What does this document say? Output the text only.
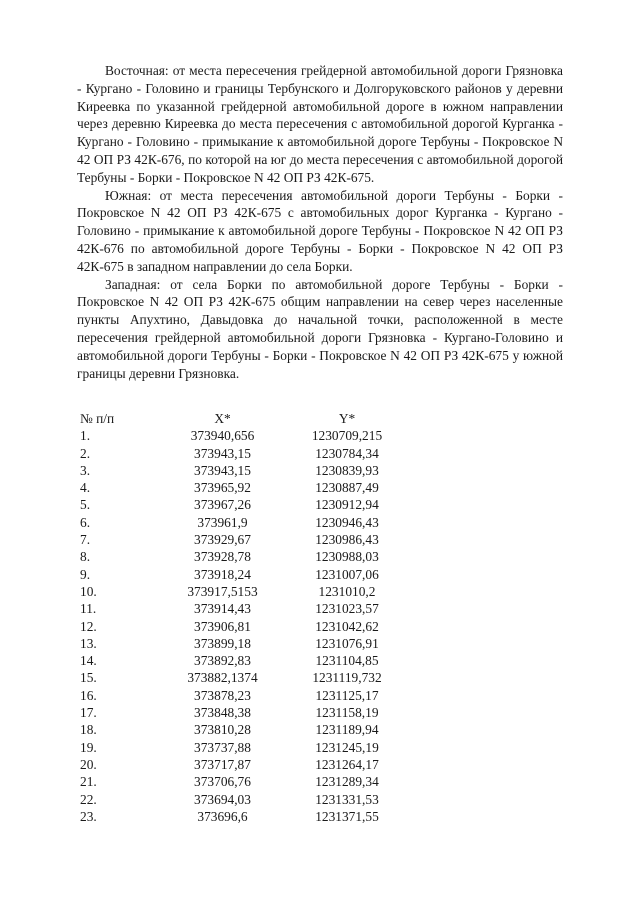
Восточная: от места пересечения грейдерной автомобильной дороги Грязновка - Кургано - Головино и границы Тербунского и Долгоруковского районов у деревни Киреевка по указанной грейдерной автомобильной дороге в южном направлении через деревню Киреевка до места пересечения с автомобильной дорогой Курганка - Кургано - Головино - примыкание к автомобильной дороге Тербуны - Покровское N 42 ОП РЗ 42К-676, по которой на юг до места пересечения с автомобильной дорогой Тербуны - Борки - Покровское N 42 ОП РЗ 42К-675.

Южная: от места пересечения автомобильной дороги Тербуны - Борки - Покровское N 42 ОП РЗ 42К-675 с автомобильных дорог Курганка - Кургано - Головино - примыкание к автомобильной дороге Тербуны - Покровское N 42 ОП РЗ 42К-676 по автомобильной дороге Тербуны - Борки - Покровское N 42 ОП РЗ 42К-675 в западном направлении до села Борки.

Западная: от села Борки по автомобильной дороге Тербуны - Борки - Покровское N 42 ОП РЗ 42К-675 общим направлении на север через населенные пункты Апухтино, Давыдовка до начальной точки, расположенной в месте пересечения грейдерной автомобильной дороги Грязновка - Кургано-Головино и автомобильной дороги Тербуны - Борки - Покровское N 42 ОП РЗ 42К-675 у южной границы деревни Грязновка.

№ п/п	X*	Y*
1.	373940,656	1230709,215
2.	373943,15	1230784,34
3.	373943,15	1230839,93
4.	373965,92	1230887,49
5.	373967,26	1230912,94
6.	373961,9	1230946,43
7.	373929,67	1230986,43
8.	373928,78	1230988,03
9.	373918,24	1231007,06
10.	373917,5153	1231010,2
11.	373914,43	1231023,57
12.	373906,81	1231042,62
13.	373899,18	1231076,91
14.	373892,83	1231104,85
15.	373882,1374	1231119,732
16.	373878,23	1231125,17
17.	373848,38	1231158,19
18.	373810,28	1231189,94
19.	373737,88	1231245,19
20.	373717,87	1231264,17
21.	373706,76	1231289,34
22.	373694,03	1231331,53
23.	373696,6	1231371,55
